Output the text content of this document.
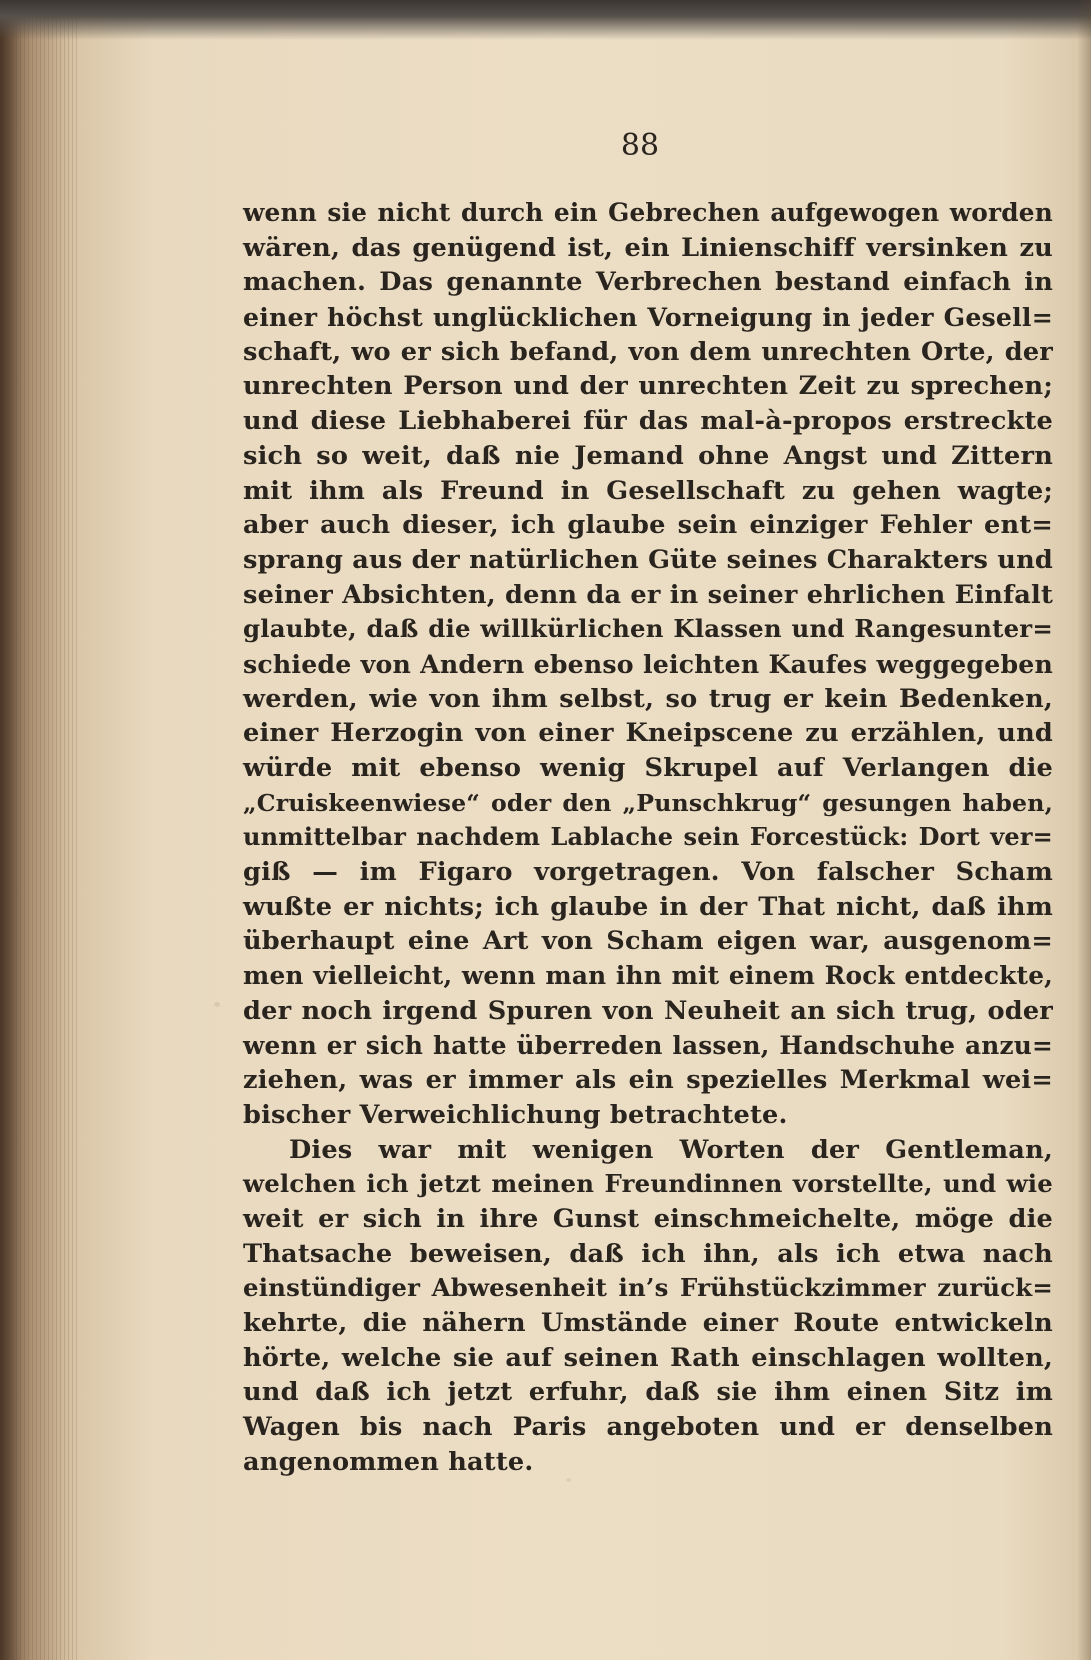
88
wenn sie nicht durch ein Gebrechen aufgewogen worden
wären, das genügend ist, ein Linienschiff versinken zu
machen. Das genannte Verbrechen bestand einfach in
einer höchst unglücklichen Vorneigung in jeder Gesell=
schaft, wo er sich befand, von dem unrechten Orte, der
unrechten Person und der unrechten Zeit zu sprechen;
und diese Liebhaberei für das mal-à-propos erstreckte
sich so weit, daß nie Jemand ohne Angst und Zittern
mit ihm als Freund in Gesellschaft zu gehen wagte;
aber auch dieser, ich glaube sein einziger Fehler ent=
sprang aus der natürlichen Güte seines Charakters und
seiner Absichten, denn da er in seiner ehrlichen Einfalt
glaubte, daß die willkürlichen Klassen und Rangesunter=
schiede von Andern ebenso leichten Kaufes weggegeben
werden, wie von ihm selbst, so trug er kein Bedenken,
einer Herzogin von einer Kneipscene zu erzählen, und
würde mit ebenso wenig Skrupel auf Verlangen die
„Cruiskeenwiese“ oder den „Punschkrug“ gesungen haben,
unmittelbar nachdem Lablache sein Forcestück: Dort ver=
giß — im Figaro vorgetragen. Von falscher Scham
wußte er nichts; ich glaube in der That nicht, daß ihm
überhaupt eine Art von Scham eigen war, ausgenom=
men vielleicht, wenn man ihn mit einem Rock entdeckte,
der noch irgend Spuren von Neuheit an sich trug, oder
wenn er sich hatte überreden lassen, Handschuhe anzu=
ziehen, was er immer als ein spezielles Merkmal wei=
bischer Verweichlichung betrachtete.
Dies war mit wenigen Worten der Gentleman,
welchen ich jetzt meinen Freundinnen vorstellte, und wie
weit er sich in ihre Gunst einschmeichelte, möge die
Thatsache beweisen, daß ich ihn, als ich etwa nach
einstündiger Abwesenheit in’s Frühstückzimmer zurück=
kehrte, die nähern Umstände einer Route entwickeln
hörte, welche sie auf seinen Rath einschlagen wollten,
und daß ich jetzt erfuhr, daß sie ihm einen Sitz im
Wagen bis nach Paris angeboten und er denselben
angenommen hatte.
